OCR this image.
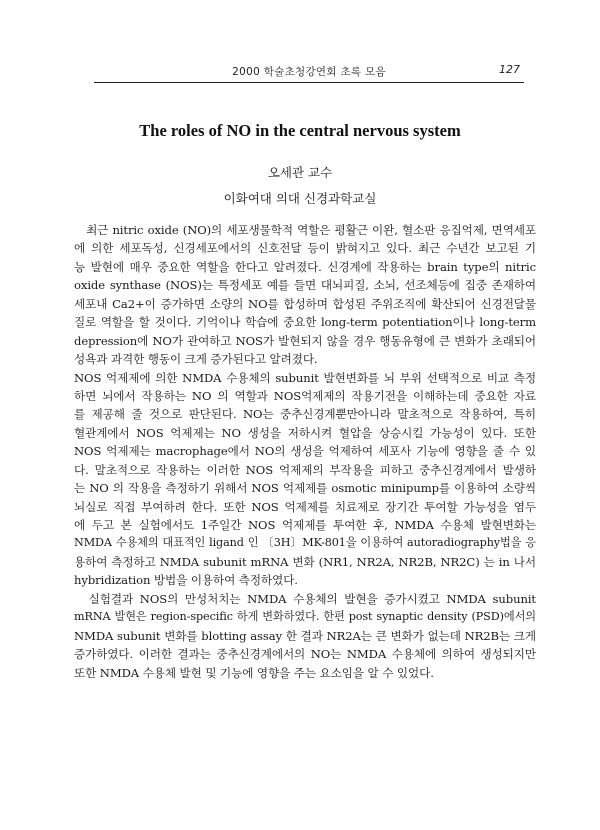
2000 학술초청강연회 초록 모음	127
The roles of NO in the central nervous system
오세관 교수
이화여대 의대 신경과학교실
　최근 nitric oxide (NO)의 세포생물학적 역할은 평활근 이완, 혈소판 응집억제, 면역세포
에 의한 세포독성, 신경세포에서의 신호전달 등이 밝혀지고 있다. 최근 수년간 보고된 기
능 발현에 매우 중요한 역할을 한다고 알려졌다. 신경계에 작용하는 brain type의 nitric
oxide synthase (NOS)는 특정세포 예를 들면 대뇌피질, 소뇌, 선조체등에 집중 존재하여
세포내 Ca2+이 증가하면 소량의 NO를 합성하며 합성된 주위조직에 확산되어 신경전달물
질로 역할을 할 것이다. 기억이나 학습에 중요한 long-term potentiation이나 long-term
depression에 NO가 관여하고 NOS가 발현되지 않을 경우 행동유형에 큰 변화가 초래되어
성욕과 과격한 행동이 크게 증가된다고 알려졌다.
NOS 억제제에 의한 NMDA 수용체의 subunit 발현변화를 뇌 부위 선택적으로 비교 측정
하면 뇌에서 작용하는 NO 의 역할과 NOS억제제의 작용기전을 이해하는데 중요한 자료
를 제공해 줄 것으로 판단된다. NO는 중추신경계뿐만아니라 말초적으로 작용하여, 특히
혈관계에서 NOS 억제제는 NO 생성을 저하시켜 혈압을 상승시킬 가능성이 있다. 또한
NOS 억제제는 macrophage에서 NO의 생성을 억제하여 세포사 기능에 영향을 줄 수 있
다. 말초적으로 작용하는 이러한 NOS 억제제의 부작용을 피하고 중추신경계에서 발생하
는 NO 의 작용을 측정하기 위해서 NOS 억제제를 osmotic minipump를 이용하여 소량씩
뇌실로 직접 부여하려 한다. 또한 NOS 억제제를 치료제로 장기간 투여할 가능성을 염두
에 두고 본 실험에서도 1주일간 NOS 억제제를 투여한 후, NMDA 수용체 발현변화는
NMDA 수용체의 대표적인 ligand 인 〔3H〕MK-801을 이용하여 autoradiography법을 응
용하여 측정하고 NMDA subunit mRNA 변화 (NR1, NR2A, NR2B, NR2C) 는 in 나서
hybridization 방법을 이용하여 측정하였다.
　실험결과 NOS의 만성처치는 NMDA 수용체의 발현을 증가시켰고 NMDA subunit
mRNA 발현은 region-specific 하게 변화하였다. 한편 post synaptic density (PSD)에서의
NMDA subunit 변화를 blotting assay 한 결과 NR2A는 큰 변화가 없는데 NR2B는 크게
증가하였다. 이러한 결과는 중추신경계에서의 NO는 NMDA 수용체에 의하여 생성되지만
또한 NMDA 수용체 발현 및 기능에 영향을 주는 요소임을 알 수 있었다.
